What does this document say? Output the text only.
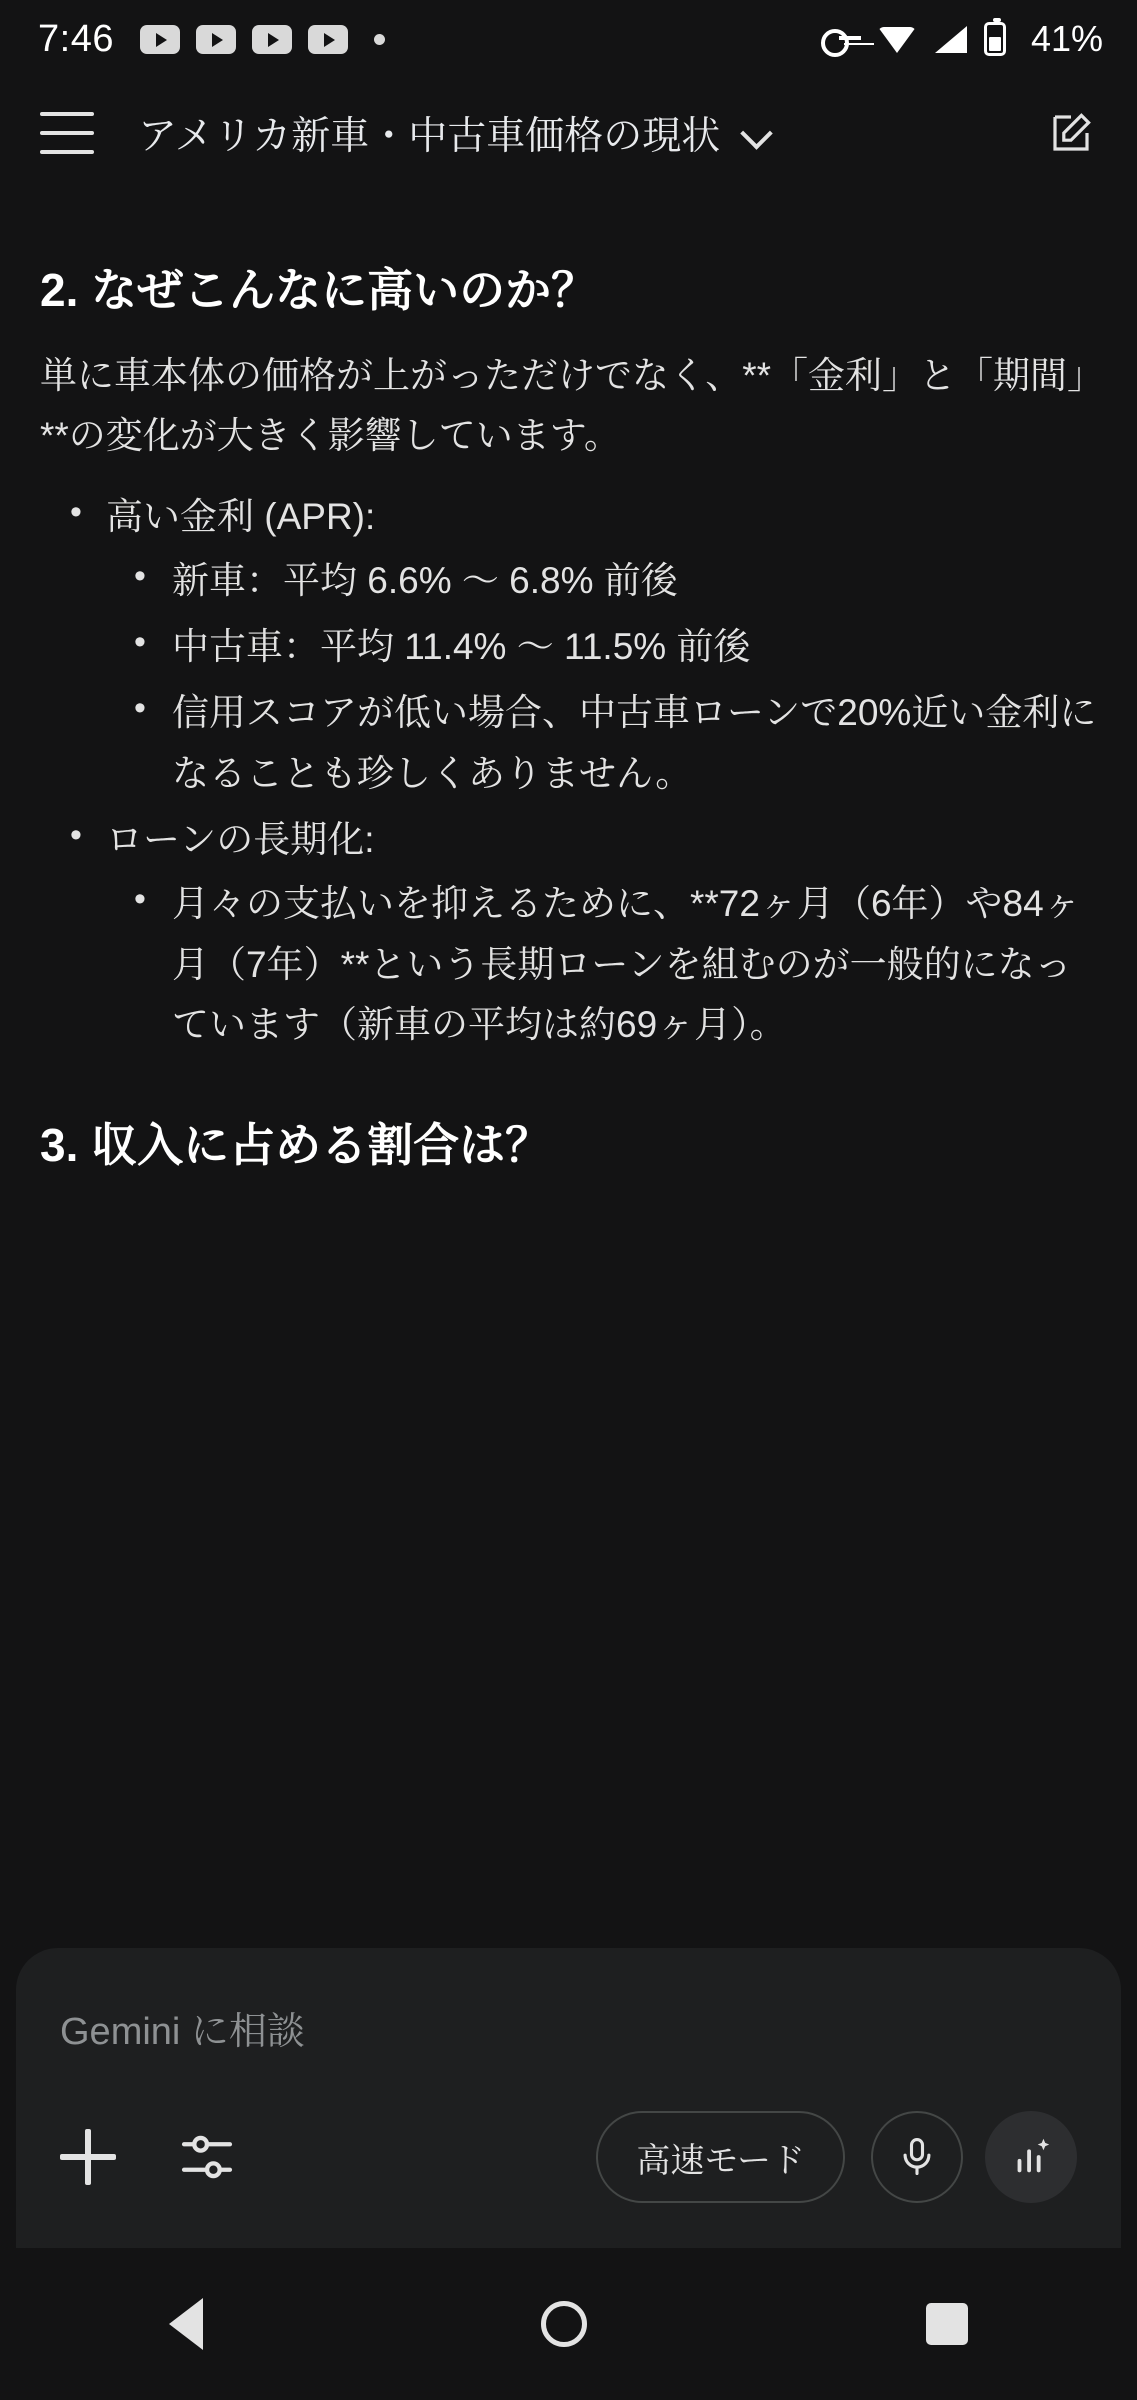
7:46	41%
アメリカ新車・中古車価格の現状
2. なぜこんなに高いのか？

単に車本体の価格が上がっただけでなく、**「金利」と「期間」**の変化が大きく影響しています。

• 高い金利 (APR):
• 新車：平均 6.6% 〜 6.8% 前後
• 中古車：平均 11.4% 〜 11.5% 前後
• 信用スコアが低い場合、中古車ローンで20%近い金利になることも珍しくありません。
• ローンの長期化:
• 月々の支払いを抑えるために、**72ヶ月（6年）や84ヶ月（7年）**という長期ローンを組むのが一般的になっています（新車の平均は約69ヶ月）。
3. 収入に占める割合は？
Gemini に相談
高速モード
